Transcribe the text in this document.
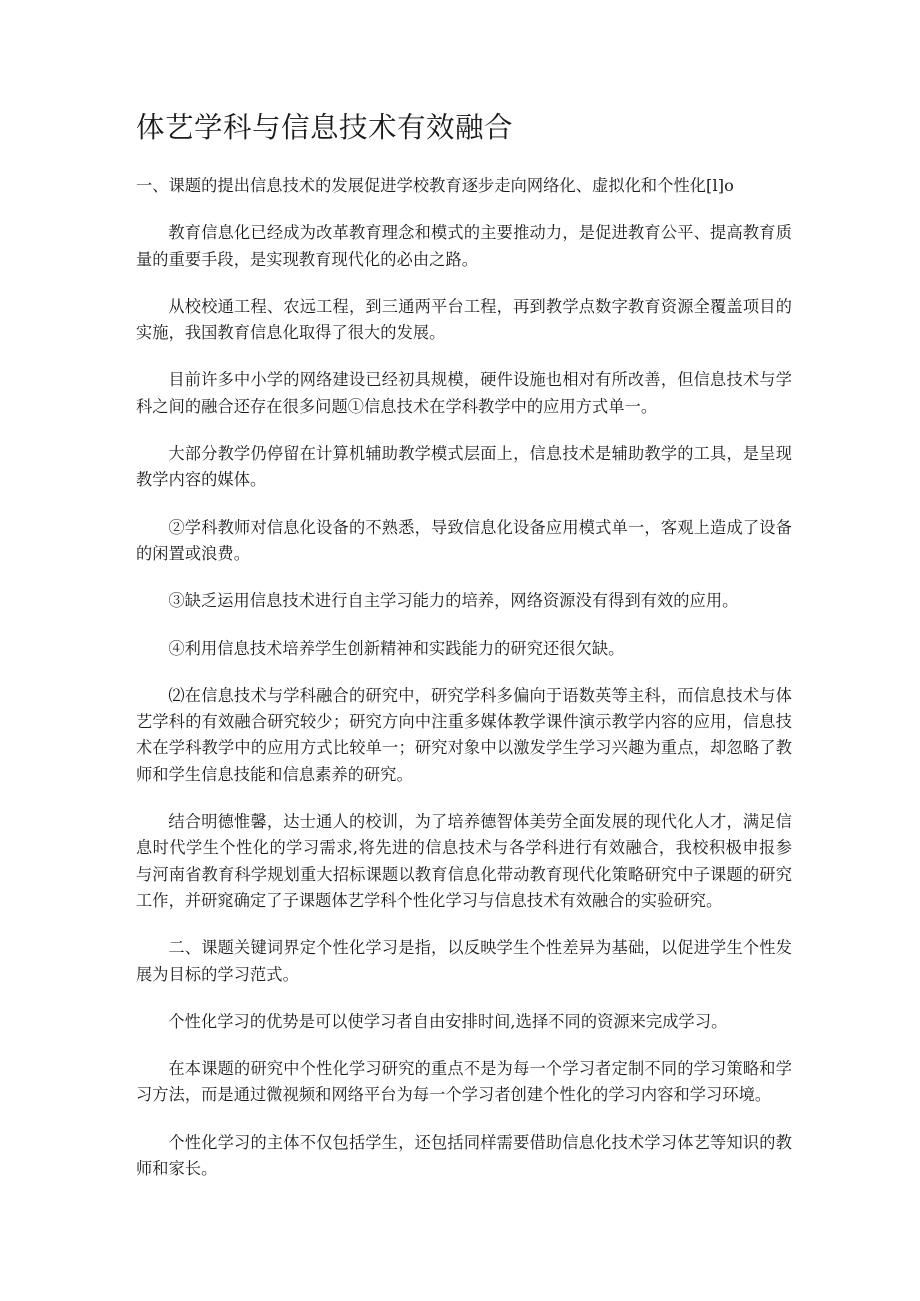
体艺学科与信息技术有效融合

一、课题的提出信息技术的发展促进学校教育逐步走向网络化、虚拟化和个性化[l]o

教育信息化已经成为改革教育理念和模式的主要推动力，是促进教育公平、提高教育质量的重要手段，是实现教育现代化的必由之路。

从校校通工程、农远工程，到三通两平台工程，再到教学点数字教育资源全覆盖项目的实施，我国教育信息化取得了很大的发展。

目前许多中小学的网络建设已经初具规模，硬件设施也相对有所改善，但信息技术与学科之间的融合还存在很多问题①信息技术在学科教学中的应用方式单一。

大部分教学仍停留在计算机辅助教学模式层面上，信息技术是辅助教学的工具，是呈现教学内容的媒体。

②学科教师对信息化设备的不熟悉，导致信息化设备应用模式单一，客观上造成了设备的闲置或浪费。

③缺乏运用信息技术进行自主学习能力的培养，网络资源没有得到有效的应用。

④利用信息技术培养学生创新精神和实践能力的研究还很欠缺。

⑵在信息技术与学科融合的研究中，研究学科多偏向于语数英等主科，而信息技术与体艺学科的有效融合研究较少；研究方向中注重多媒体教学课件演示教学内容的应用，信息技术在学科教学中的应用方式比较单一；研究对象中以激发学生学习兴趣为重点，却忽略了教师和学生信息技能和信息素养的研究。

结合明德惟馨，达士通人的校训，为了培养德智体美劳全面发展的现代化人才，满足信息时代学生个性化的学习需求,将先进的信息技术与各学科进行有效融合，我校积极申报参与河南省教育科学规划重大招标课题以教育信息化带动教育现代化策略研究中子课题的研究工作，并研窕确定了子课题体艺学科个性化学习与信息技术有效融合的实验研究。

二、课题关键词界定个性化学习是指，以反映学生个性差异为基础，以促进学生个性发展为目标的学习范式。

个性化学习的优势是可以使学习者自由安排时间,选择不同的资源来完成学习。

在本课题的研究中个性化学习研究的重点不是为每一个学习者定制不同的学习策略和学习方法，而是通过微视频和网络平台为每一个学习者创建个性化的学习内容和学习环境。

个性化学习的主体不仅包括学生，还包括同样需要借助信息化技术学习体艺等知识的教师和家长。
